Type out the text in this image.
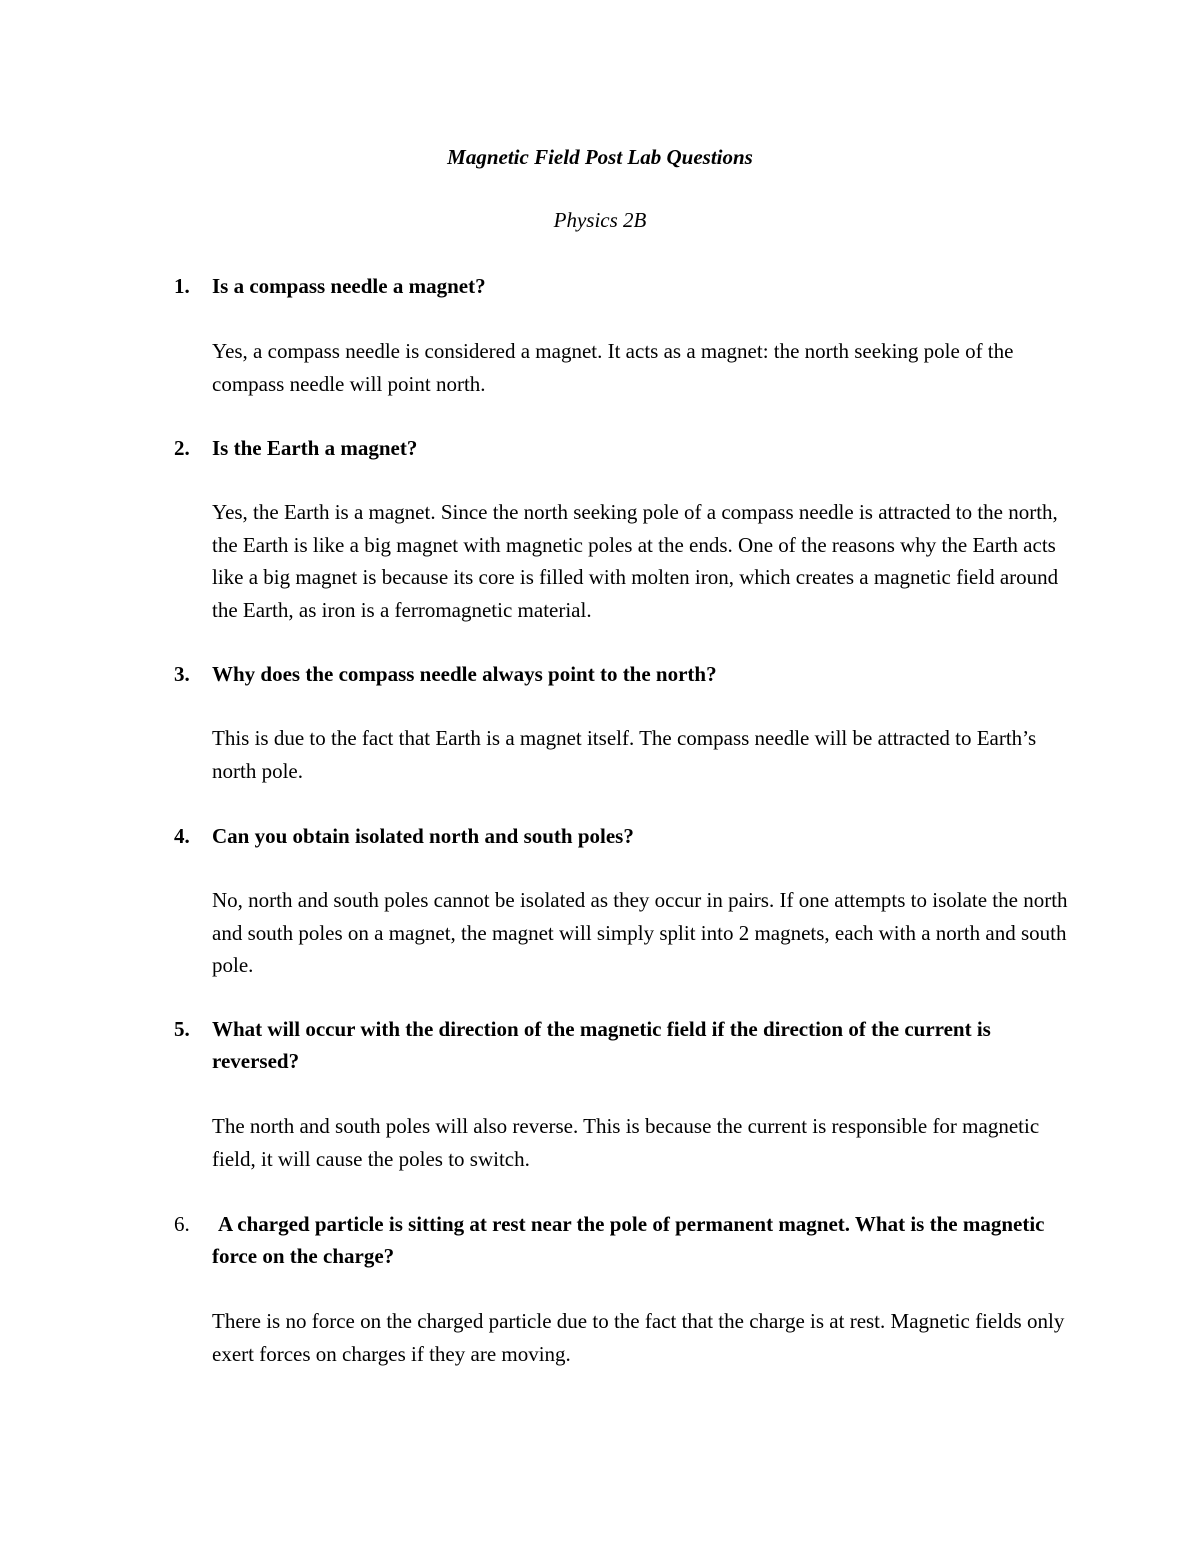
Magnetic Field Post Lab Questions
Physics 2B
1. Is a compass needle a magnet?

Yes, a compass needle is considered a magnet. It acts as a magnet: the north seeking pole of the compass needle will point north.

2. Is the Earth a magnet?

Yes, the Earth is a magnet. Since the north seeking pole of a compass needle is attracted to the north, the Earth is like a big magnet with magnetic poles at the ends. One of the reasons why the Earth acts like a big magnet is because its core is filled with molten iron, which creates a magnetic field around the Earth, as iron is a ferromagnetic material.

3. Why does the compass needle always point to the north?

This is due to the fact that Earth is a magnet itself. The compass needle will be attracted to Earth’s north pole.

4. Can you obtain isolated north and south poles?

No, north and south poles cannot be isolated as they occur in pairs. If one attempts to isolate the north and south poles on a magnet, the magnet will simply split into 2 magnets, each with a north and south pole.

5. What will occur with the direction of the magnetic field if the direction of the current is reversed?

The north and south poles will also reverse. This is because the current is responsible for magnetic field, it will cause the poles to switch.

6. A charged particle is sitting at rest near the pole of permanent magnet. What is the magnetic force on the charge?

There is no force on the charged particle due to the fact that the charge is at rest. Magnetic fields only exert forces on charges if they are moving.
